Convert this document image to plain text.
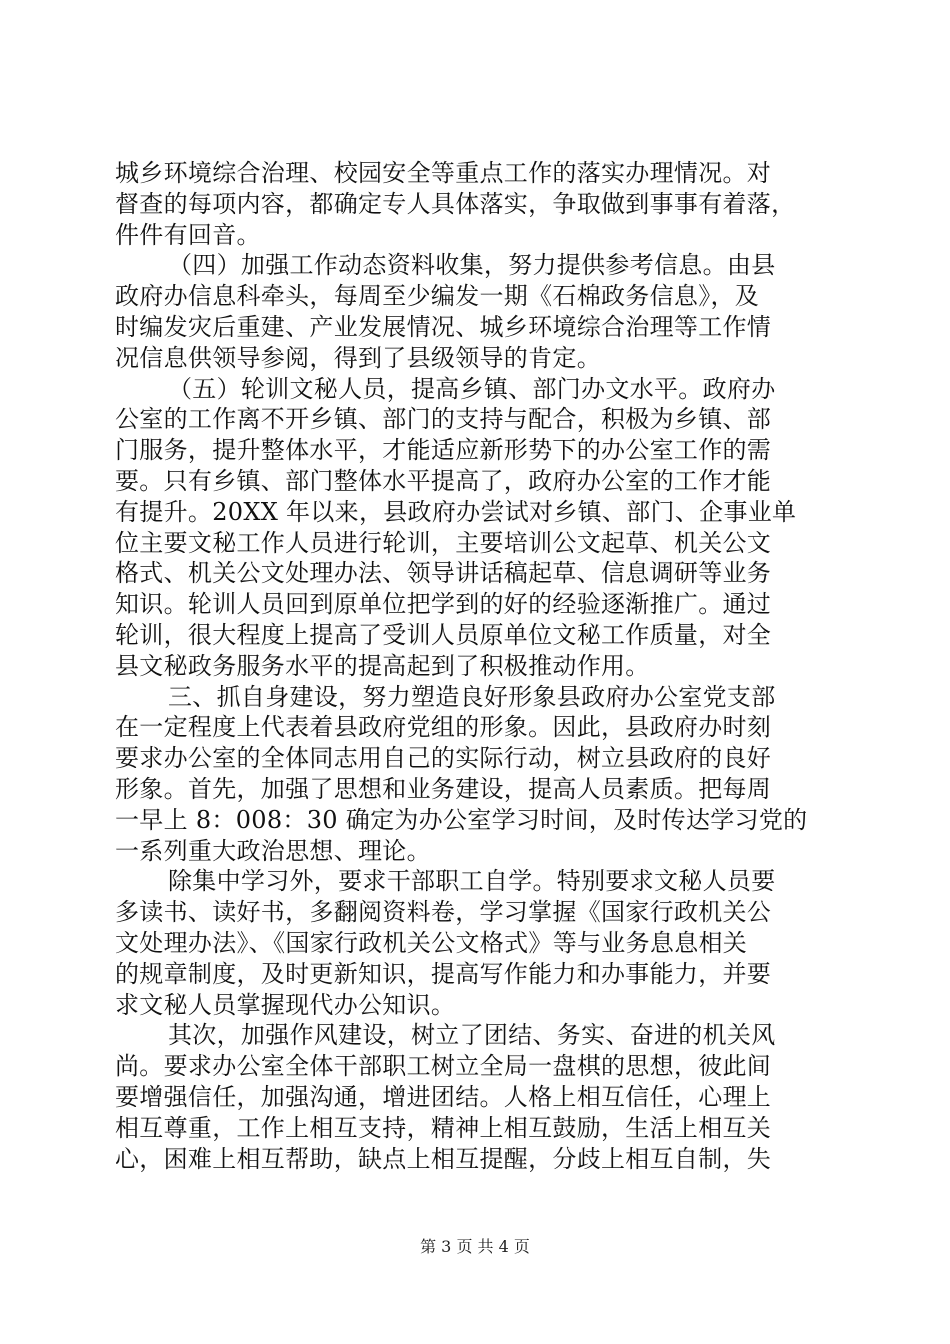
城乡环境综合治理、校园安全等重点工作的落实办理情况。对
督查的每项内容，都确定专人具体落实，争取做到事事有着落，
件件有回音。
（四）加强工作动态资料收集，努力提供参考信息。由县
政府办信息科牵头，每周至少编发一期《石棉政务信息》，及
时编发灾后重建、产业发展情况、城乡环境综合治理等工作情
况信息供领导参阅，得到了县级领导的肯定。
（五）轮训文秘人员，提高乡镇、部门办文水平。政府办
公室的工作离不开乡镇、部门的支持与配合，积极为乡镇、部
门服务，提升整体水平，才能适应新形势下的办公室工作的需
要。只有乡镇、部门整体水平提高了，政府办公室的工作才能
有提升。20XX 年以来，县政府办尝试对乡镇、部门、企事业单
位主要文秘工作人员进行轮训，主要培训公文起草、机关公文
格式、机关公文处理办法、领导讲话稿起草、信息调研等业务
知识。轮训人员回到原单位把学到的好的经验逐渐推广。通过
轮训，很大程度上提高了受训人员原单位文秘工作质量，对全
县文秘政务服务水平的提高起到了积极推动作用。
三、抓自身建设，努力塑造良好形象县政府办公室党支部
在一定程度上代表着县政府党组的形象。因此，县政府办时刻
要求办公室的全体同志用自己的实际行动，树立县政府的良好
形象。首先，加强了思想和业务建设，提高人员素质。把每周
一早上 8：008：30 确定为办公室学习时间，及时传达学习党的
一系列重大政治思想、理论。
除集中学习外，要求干部职工自学。特别要求文秘人员要
多读书、读好书，多翻阅资料卷，学习掌握《国家行政机关公
文处理办法》、《国家行政机关公文格式》等与业务息息相关
的规章制度，及时更新知识，提高写作能力和办事能力，并要
求文秘人员掌握现代办公知识。
其次，加强作风建设，树立了团结、务实、奋进的机关风
尚。要求办公室全体干部职工树立全局一盘棋的思想，彼此间
要增强信任，加强沟通，增进团结。人格上相互信任，心理上
相互尊重，工作上相互支持，精神上相互鼓励，生活上相互关
心，困难上相互帮助，缺点上相互提醒，分歧上相互自制，失
第 3 页 共 4 页
